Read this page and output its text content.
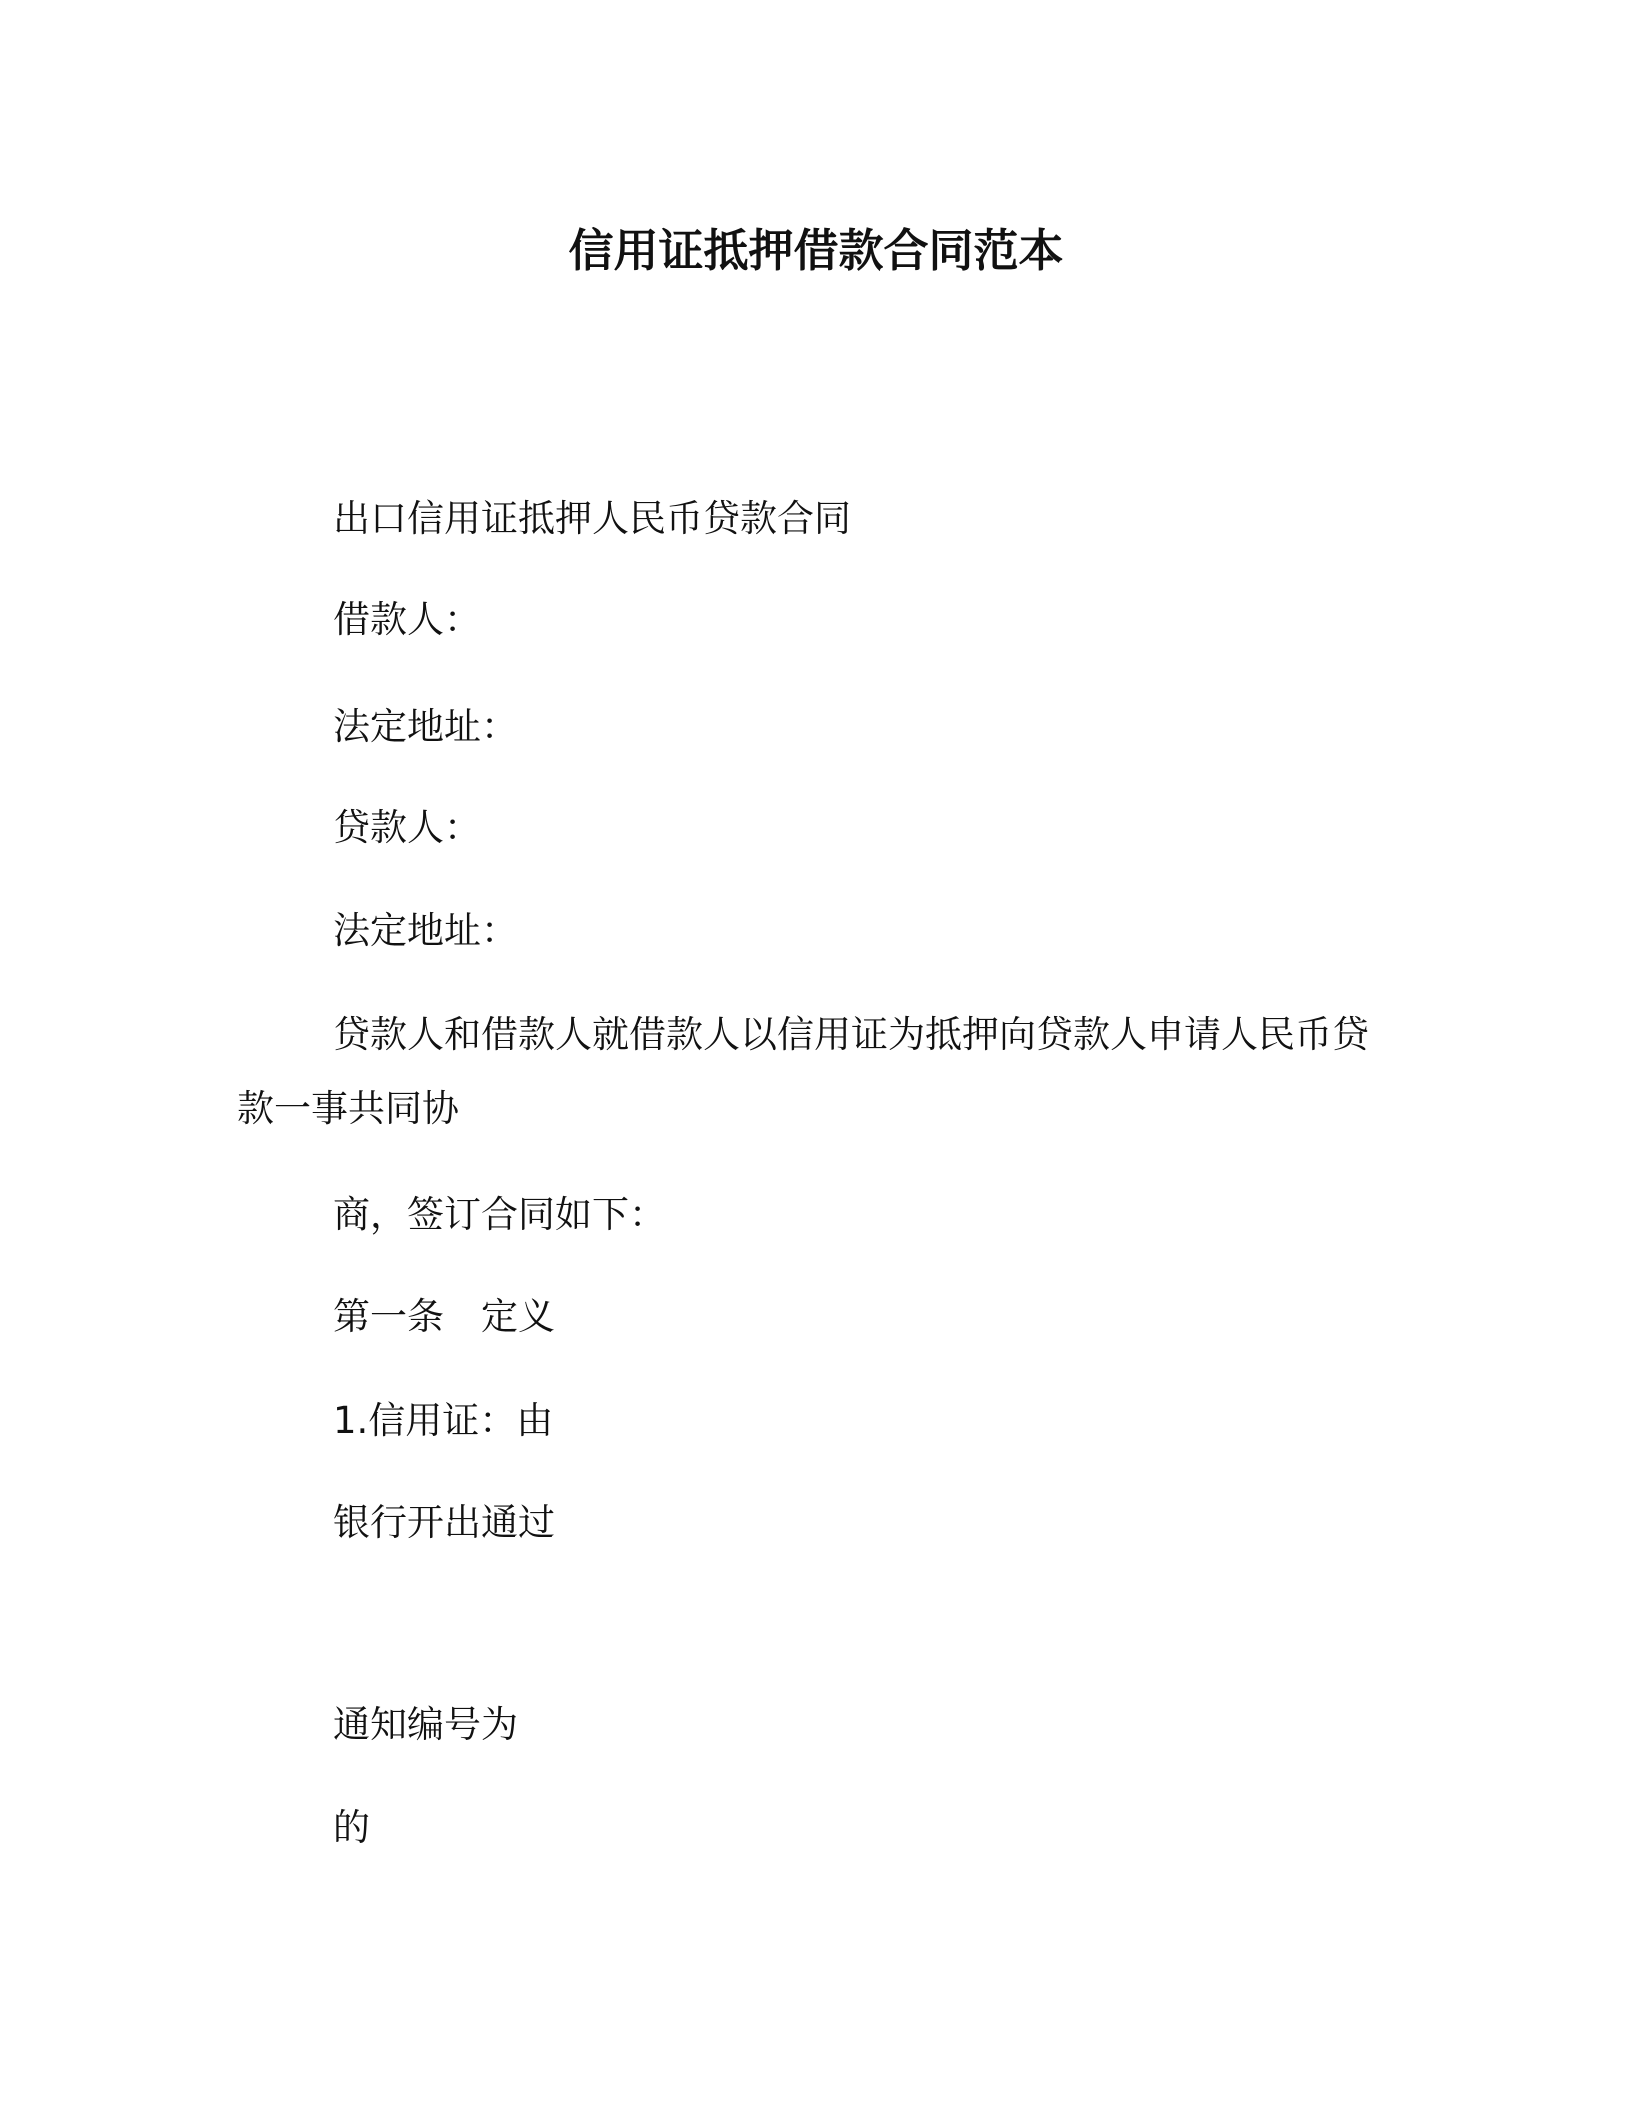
信用证抵押借款合同范本
出口信用证抵押人民币贷款合同
借款人：
法定地址：
贷款人：
法定地址：
贷款人和借款人就借款人以信用证为抵押向贷款人申请人民币贷
款一事共同协
商，签订合同如下：
第一条　定义
1.信用证：由
银行开出通过
通知编号为
的
